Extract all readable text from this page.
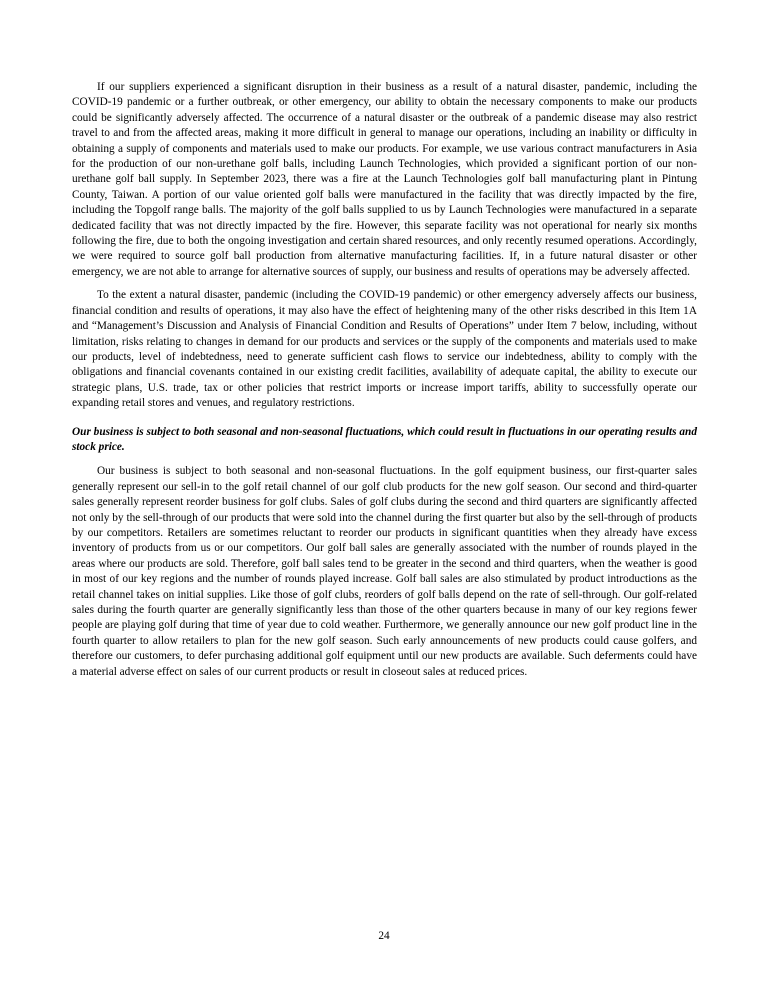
If our suppliers experienced a significant disruption in their business as a result of a natural disaster, pandemic, including the COVID-19 pandemic or a further outbreak, or other emergency, our ability to obtain the necessary components to make our products could be significantly adversely affected. The occurrence of a natural disaster or the outbreak of a pandemic disease may also restrict travel to and from the affected areas, making it more difficult in general to manage our operations, including an inability or difficulty in obtaining a supply of components and materials used to make our products. For example, we use various contract manufacturers in Asia for the production of our non-urethane golf balls, including Launch Technologies, which provided a significant portion of our non-urethane golf ball supply. In September 2023, there was a fire at the Launch Technologies golf ball manufacturing plant in Pintung County, Taiwan. A portion of our value oriented golf balls were manufactured in the facility that was directly impacted by the fire, including the Topgolf range balls. The majority of the golf balls supplied to us by Launch Technologies were manufactured in a separate dedicated facility that was not directly impacted by the fire. However, this separate facility was not operational for nearly six months following the fire, due to both the ongoing investigation and certain shared resources, and only recently resumed operations. Accordingly, we were required to source golf ball production from alternative manufacturing facilities. If, in a future natural disaster or other emergency, we are not able to arrange for alternative sources of supply, our business and results of operations may be adversely affected.

To the extent a natural disaster, pandemic (including the COVID-19 pandemic) or other emergency adversely affects our business, financial condition and results of operations, it may also have the effect of heightening many of the other risks described in this Item 1A and “Management’s Discussion and Analysis of Financial Condition and Results of Operations” under Item 7 below, including, without limitation, risks relating to changes in demand for our products and services or the supply of the components and materials used to make our products, level of indebtedness, need to generate sufficient cash flows to service our indebtedness, ability to comply with the obligations and financial covenants contained in our existing credit facilities, availability of adequate capital, the ability to execute our strategic plans, U.S. trade, tax or other policies that restrict imports or increase import tariffs, ability to successfully operate our expanding retail stores and venues, and regulatory restrictions.

Our business is subject to both seasonal and non-seasonal fluctuations, which could result in fluctuations in our operating results and stock price.

Our business is subject to both seasonal and non-seasonal fluctuations. In the golf equipment business, our first-quarter sales generally represent our sell-in to the golf retail channel of our golf club products for the new golf season. Our second and third-quarter sales generally represent reorder business for golf clubs. Sales of golf clubs during the second and third quarters are significantly affected not only by the sell-through of our products that were sold into the channel during the first quarter but also by the sell-through of products by our competitors. Retailers are sometimes reluctant to reorder our products in significant quantities when they already have excess inventory of products from us or our competitors. Our golf ball sales are generally associated with the number of rounds played in the areas where our products are sold. Therefore, golf ball sales tend to be greater in the second and third quarters, when the weather is good in most of our key regions and the number of rounds played increase. Golf ball sales are also stimulated by product introductions as the retail channel takes on initial supplies. Like those of golf clubs, reorders of golf balls depend on the rate of sell-through. Our golf-related sales during the fourth quarter are generally significantly less than those of the other quarters because in many of our key regions fewer people are playing golf during that time of year due to cold weather. Furthermore, we generally announce our new golf product line in the fourth quarter to allow retailers to plan for the new golf season. Such early announcements of new products could cause golfers, and therefore our customers, to defer purchasing additional golf equipment until our new products are available. Such deferments could have a material adverse effect on sales of our current products or result in closeout sales at reduced prices.

24
